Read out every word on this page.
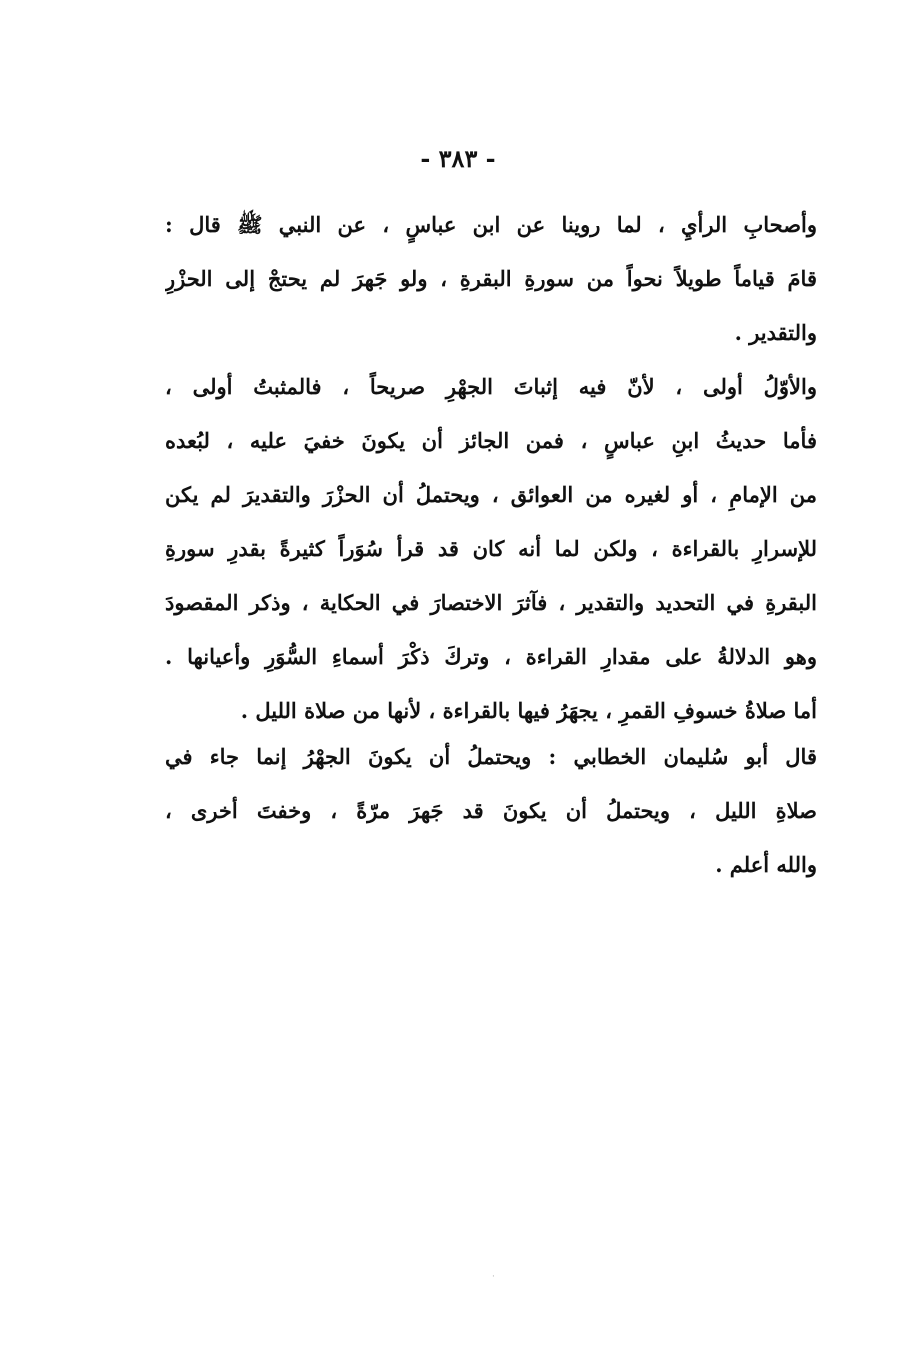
- ٣٨٣ -
وأصحابِ الرأيِ ، لما روينا عن ابن عباسٍ ، عن النبي ﷺ قال :
قامَ قياماً طويلاً نحواً من سورةِ البقرةِ ، ولو جَهرَ لم يحتجْ إلى الحزْرِ
والتقدير .
والأوّلُ أولى ، لأنّ فيه إثباتَ الجهْرِ صريحاً ، فالمثبتُ أولى ،
فأما حديثُ ابنِ عباسٍ ، فمن الجائز أن يكونَ خفيَ عليه ، لبُعده
من الإمامِ ، أو لغيره من العوائق ، ويحتملُ أن الحزْرَ والتقديرَ لم يكن
للإسرارِ بالقراءة ، ولكن لما أنه كان قد قرأ سُوَراً كثيرةً بقدرِ سورةِ
البقرةِ في التحديد والتقدير ، فآثرَ الاختصارَ في الحكاية ، وذكر المقصودَ
وهو الدلالةُ على مقدارِ القراءة ، وتركَ ذكْرَ أسماءِ السُّوَرِ وأعيانها .
أما صلاةُ خسوفِ القمرِ ، يجهَرُ فيها بالقراءة ، لأنها من صلاة الليل .
قال أبو سُليمان الخطابي : ويحتملُ أن يكونَ الجهْرُ إنما جاء في
صلاةِ الليل ، ويحتملُ أن يكونَ قد جَهرَ مرّةً ، وخفتَ أخرى ،
والله أعلم .
·
